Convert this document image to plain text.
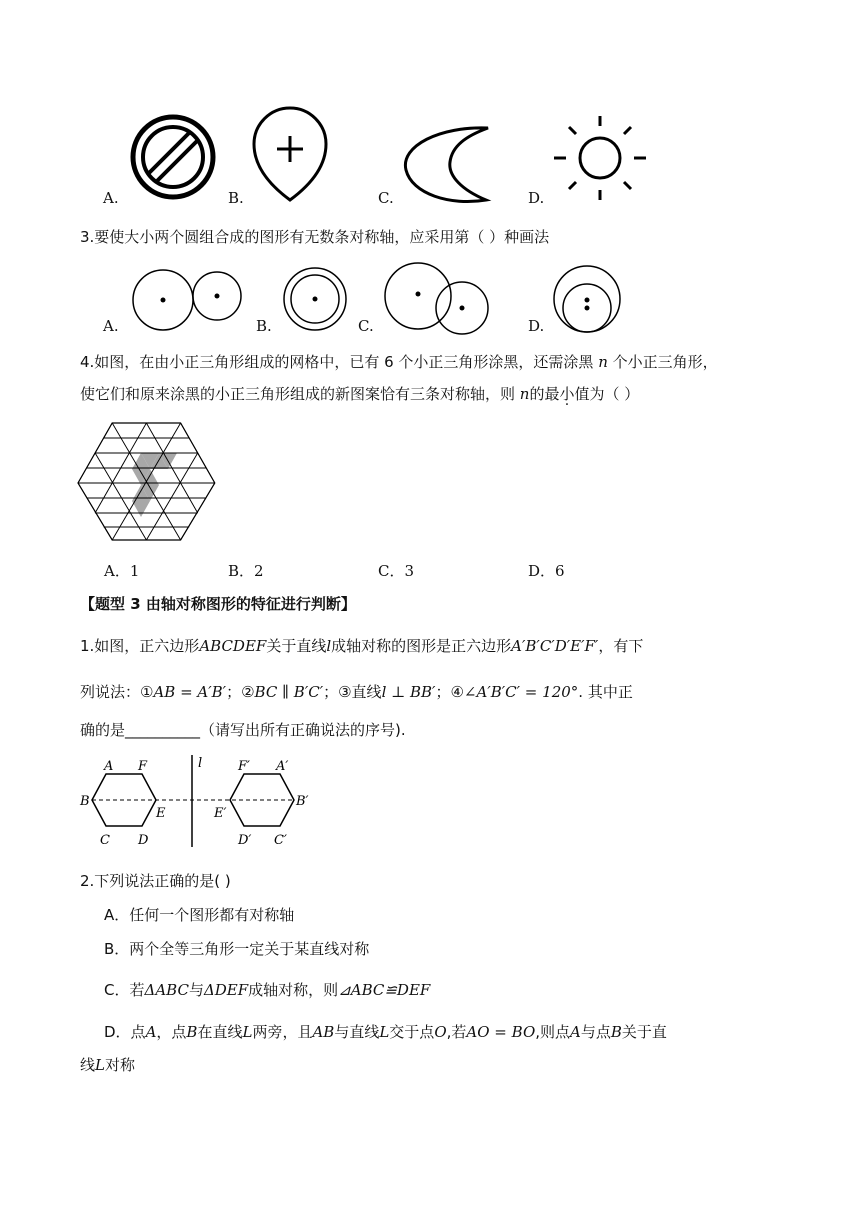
A.	B.	C.	D.
3.要使大小两个圆组合成的图形有无数条对称轴，应采用第（ ）种画法
A.	B.	C.	D.
4.如图，在由小正三角形组成的网格中，已有 6 个小正三角形涂黑，还需涂黑 n 个小正三角形，
使它们和原来涂黑的小正三角形组成的新图案恰有三条对称轴，则 n的最小值为（ ）
A．1	B．2	C．3	D．6
【题型 3 由轴对称图形的特征进行判断】
1.如图，正六边形ABCDEF关于直线l成轴对称的图形是正六边形A′B′C′D′E′F′，有下
列说法：①AB = A′B′；②BC ∥ B′C′；③直线l ⊥ BB′；④∠A′B′C′ = 120°. 其中正
确的是__________（请写出所有正确说法的序号).
A F
B
E
C D
l	F′ A′
B′
E′
D′ C′
2.下列说法正确的是( )
A．任何一个图形都有对称轴
B．两个全等三角形一定关于某直线对称
C．若ΔABC与ΔDEF成轴对称，则⊿ABC≌DEF
D．点A，点B在直线L两旁，且AB与直线L交于点O,若AO = BO,则点A与点B关于直
线L对称
